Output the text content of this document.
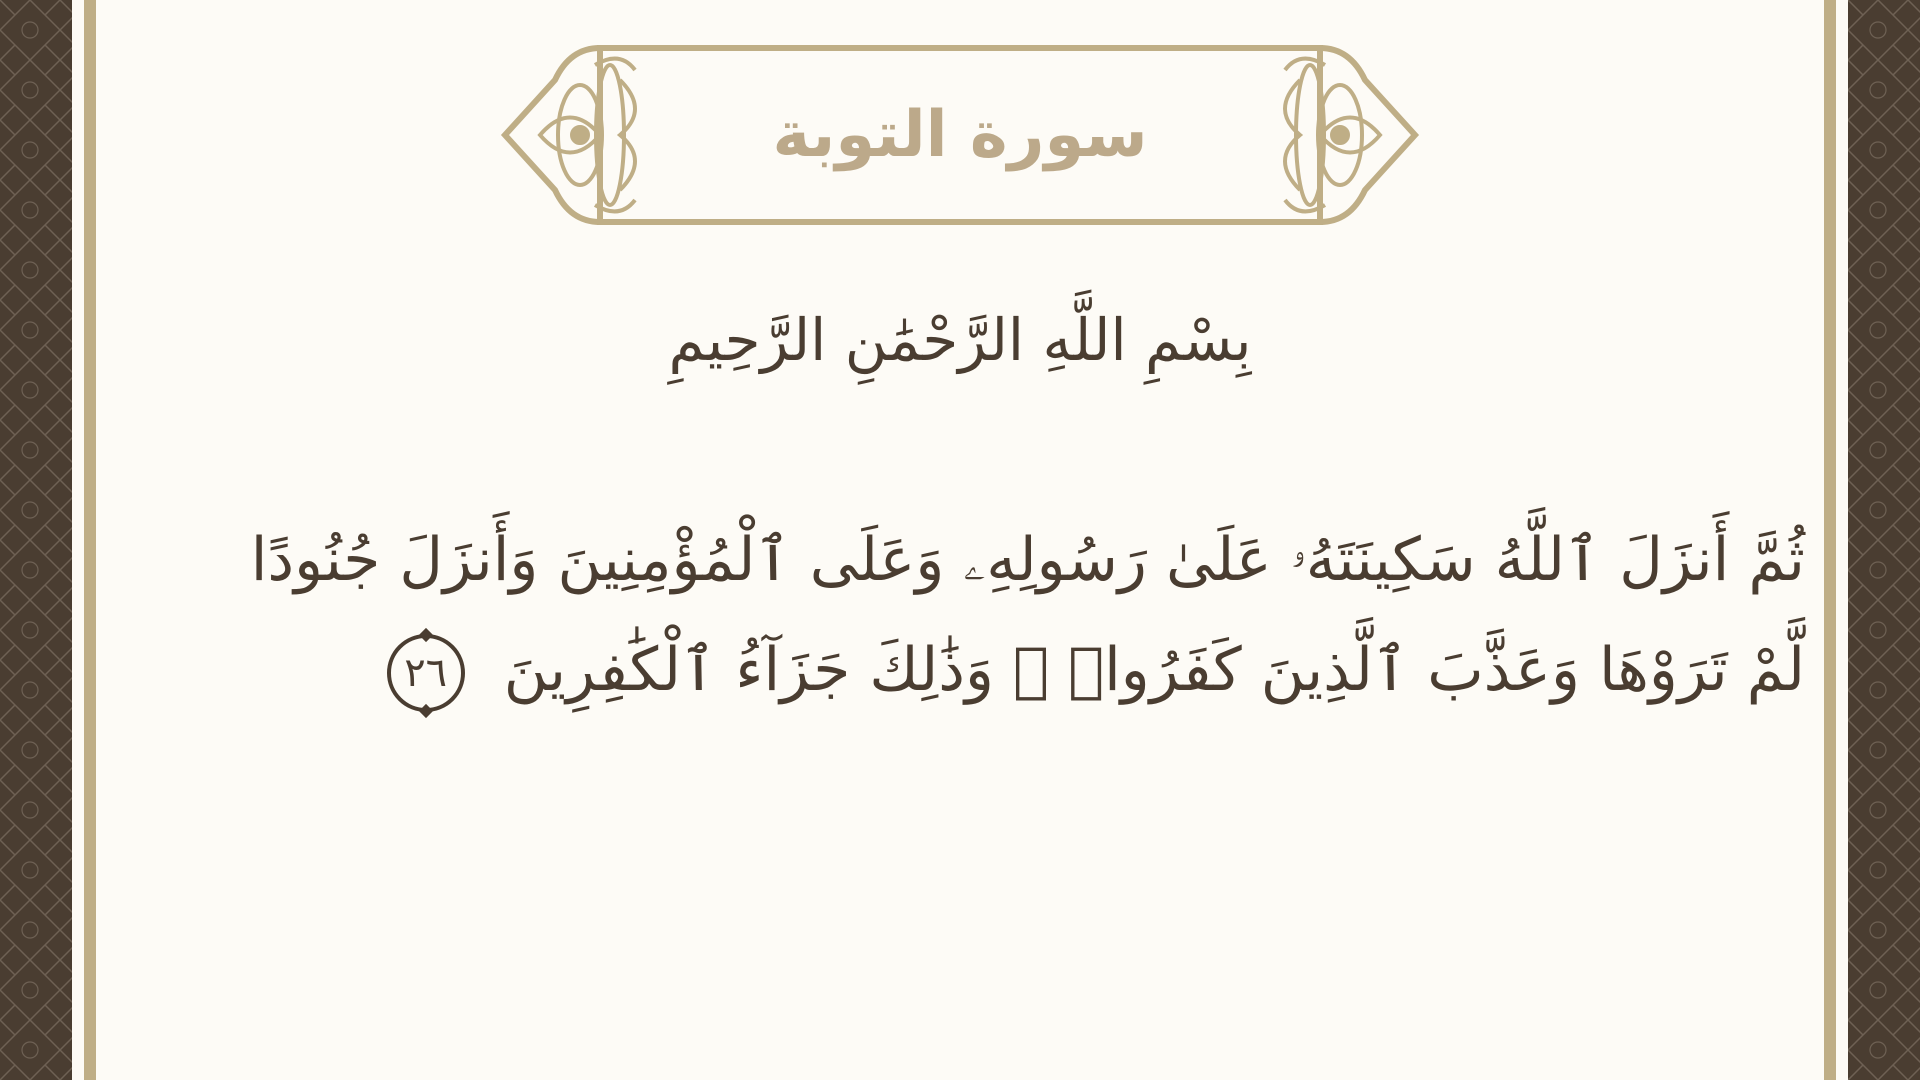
سورة التوبة
بِسْمِ اللَّهِ الرَّحْمَٰنِ الرَّحِيمِ
ثُمَّ أَنزَلَ ٱللَّهُ سَكِينَتَهُۥ عَلَىٰ رَسُولِهِۦ وَعَلَى ٱلْمُؤْمِنِينَ وَأَنزَلَ جُنُودًا
لَّمْ تَرَوْهَا وَعَذَّبَ ٱلَّذِينَ كَفَرُوا۟ ۚ وَذَٰلِكَ جَزَآءُ ٱلْكَٰفِرِينَ ٢٦
